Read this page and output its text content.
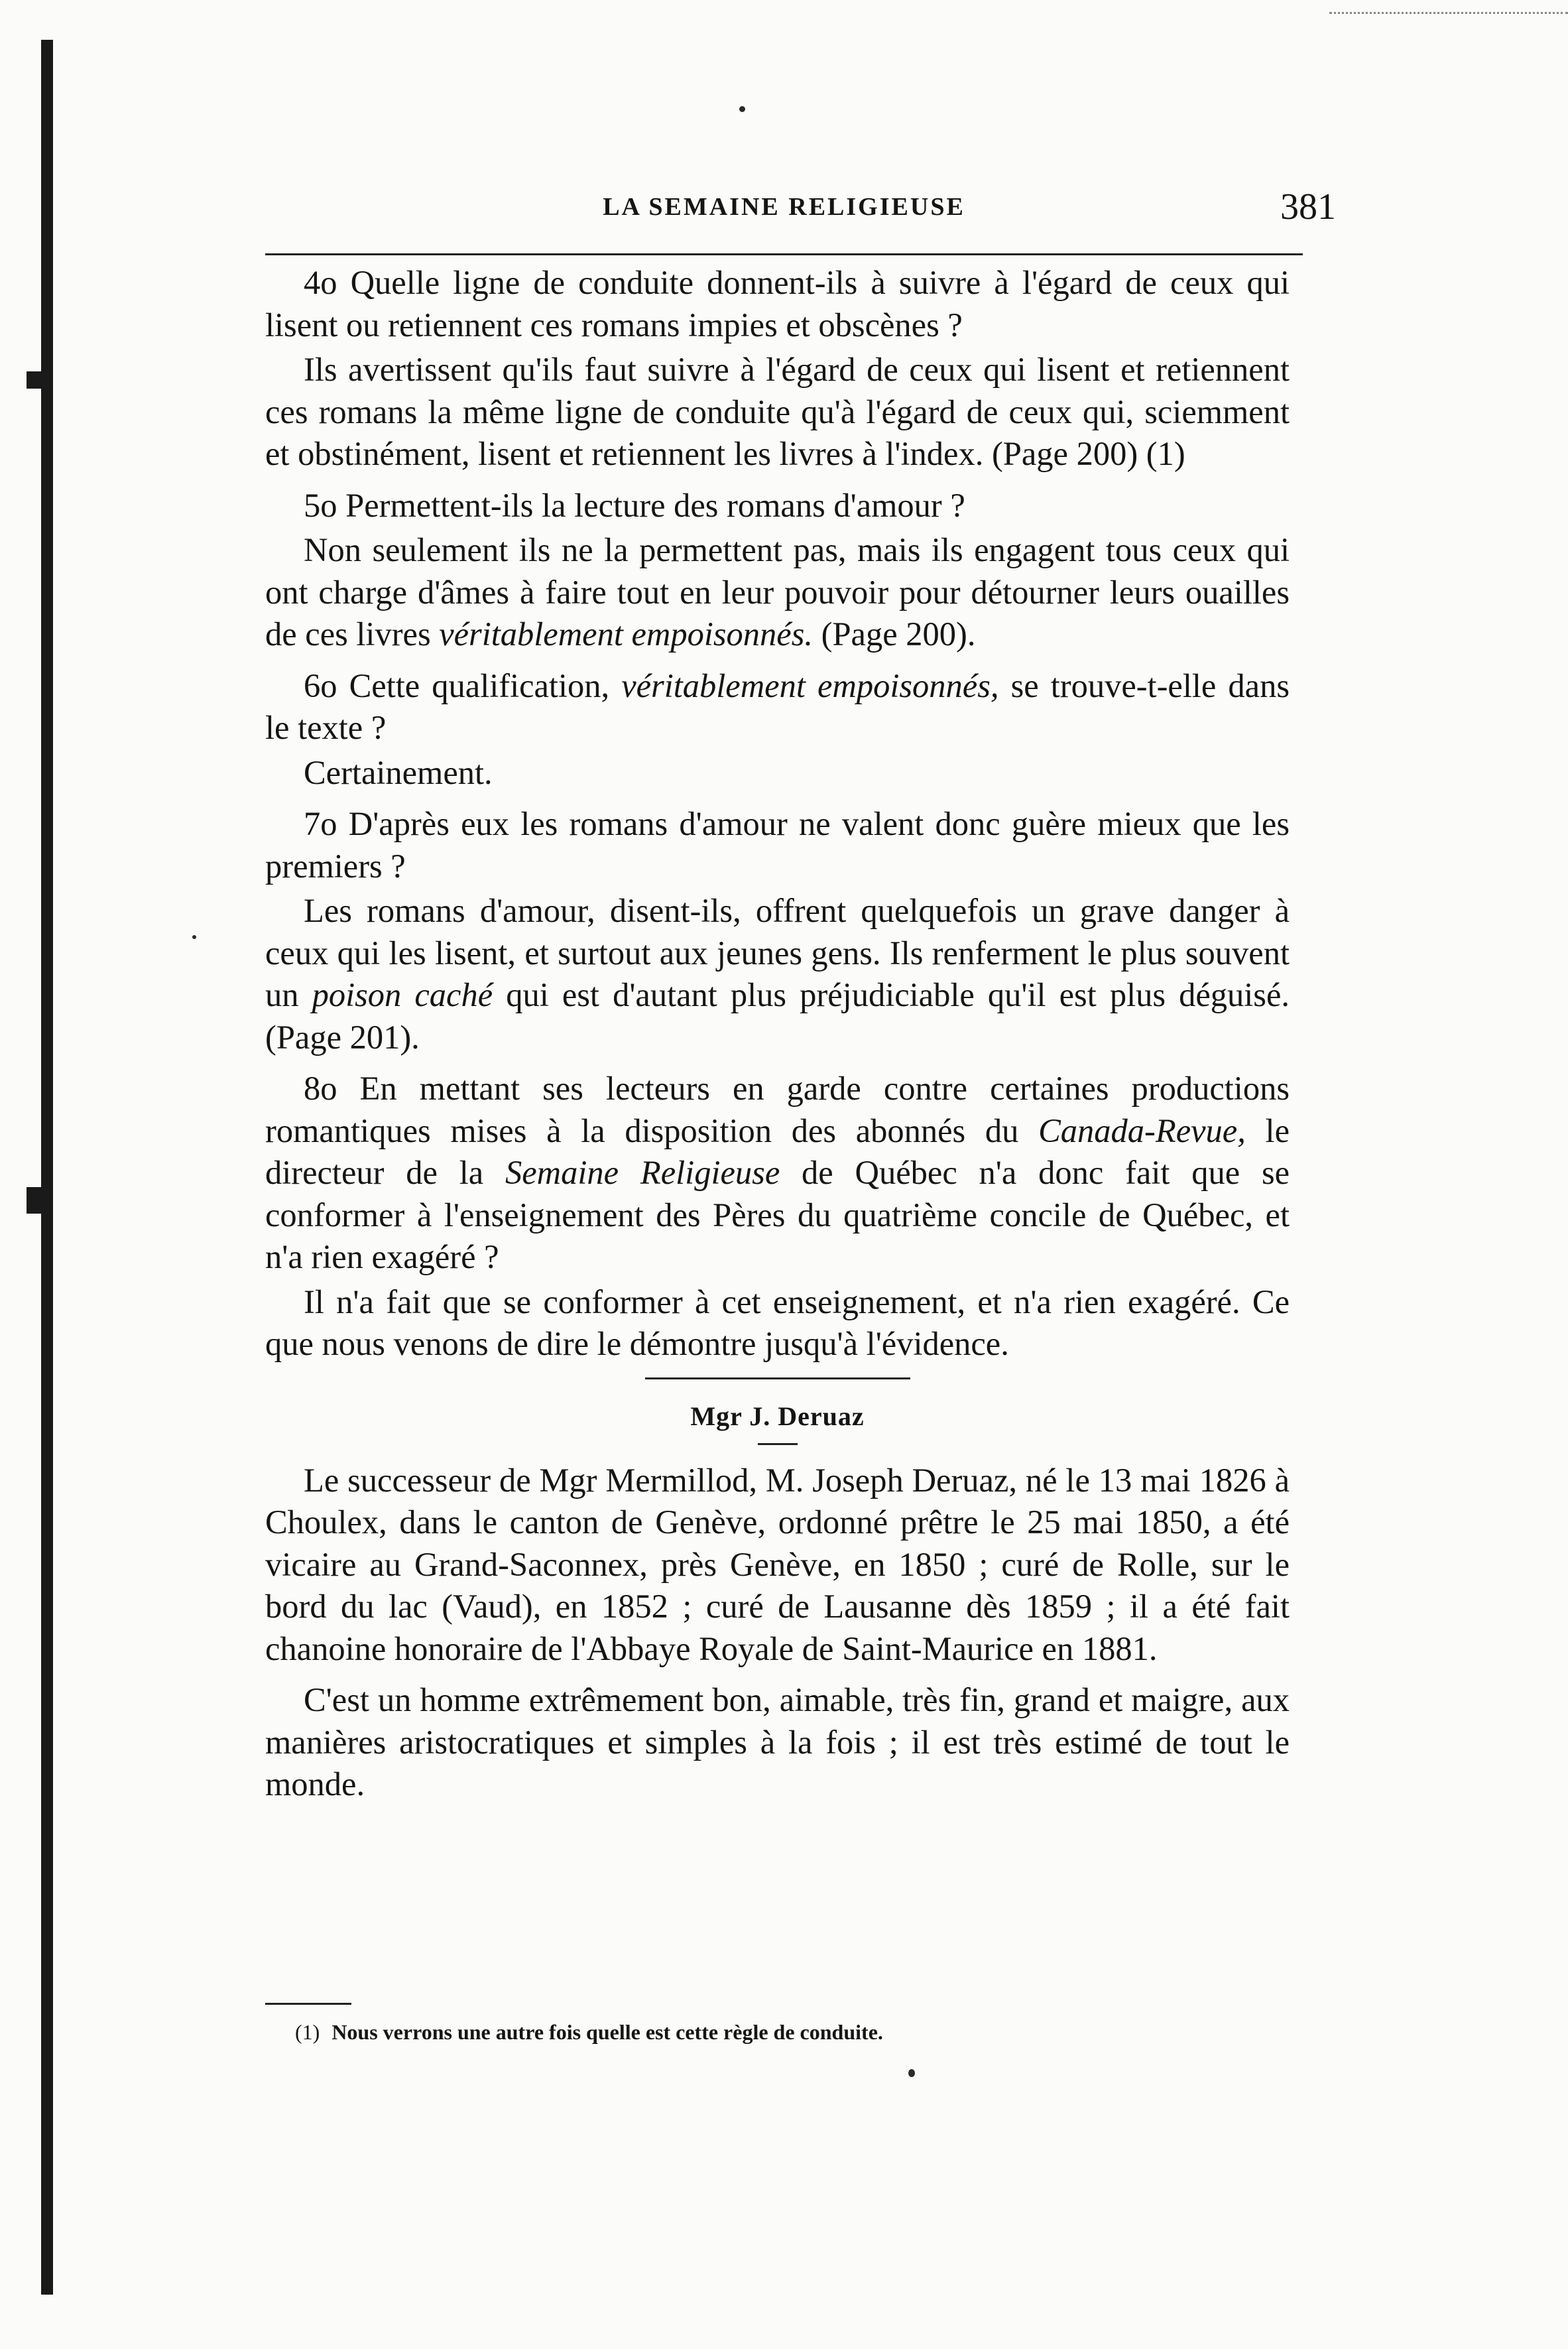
LA SEMAINE RELIGIEUSE	381

4o Quelle ligne de conduite donnent-ils à suivre à l'égard de ceux qui lisent ou retiennent ces romans impies et obscènes ?

Ils avertissent qu'ils faut suivre à l'égard de ceux qui lisent et retiennent ces romans la même ligne de conduite qu'à l'égard de ceux qui, sciemment et obstinément, lisent et retiennent les livres à l'index. (Page 200) (1)

5o Permettent-ils la lecture des romans d'amour ?

Non seulement ils ne la permettent pas, mais ils engagent tous ceux qui ont charge d'âmes à faire tout en leur pouvoir pour détourner leurs ouailles de ces livres véritablement empoisonnés. (Page 200).

6o Cette qualification, véritablement empoisonnés, se trouve-t-elle dans le texte ?

Certainement.

7o D'après eux les romans d'amour ne valent donc guère mieux que les premiers ?

Les romans d'amour, disent-ils, offrent quelquefois un grave danger à ceux qui les lisent, et surtout aux jeunes gens. Ils renferment le plus souvent un poison caché qui est d'autant plus préjudiciable qu'il est plus déguisé. (Page 201).

8o En mettant ses lecteurs en garde contre certaines productions romantiques mises à la disposition des abonnés du Canada-Revue, le directeur de la Semaine Religieuse de Québec n'a donc fait que se conformer à l'enseignement des Pères du quatrième concile de Québec, et n'a rien exagéré ?

Il n'a fait que se conformer à cet enseignement, et n'a rien exagéré. Ce que nous venons de dire le démontre jusqu'à l'évidence.

Mgr J. Deruaz

Le successeur de Mgr Mermillod, M. Joseph Deruaz, né le 13 mai 1826 à Choulex, dans le canton de Genève, ordonné prêtre le 25 mai 1850, a été vicaire au Grand-Saconnex, près Genève, en 1850 ; curé de Rolle, sur le bord du lac (Vaud), en 1852 ; curé de Lausanne dès 1859 ; il a été fait chanoine honoraire de l'Abbaye Royale de Saint-Maurice en 1881.

C'est un homme extrêmement bon, aimable, très fin, grand et maigre, aux manières aristocratiques et simples à la fois ; il est très estimé de tout le monde.

(1) Nous verrons une autre fois quelle est cette règle de conduite.
